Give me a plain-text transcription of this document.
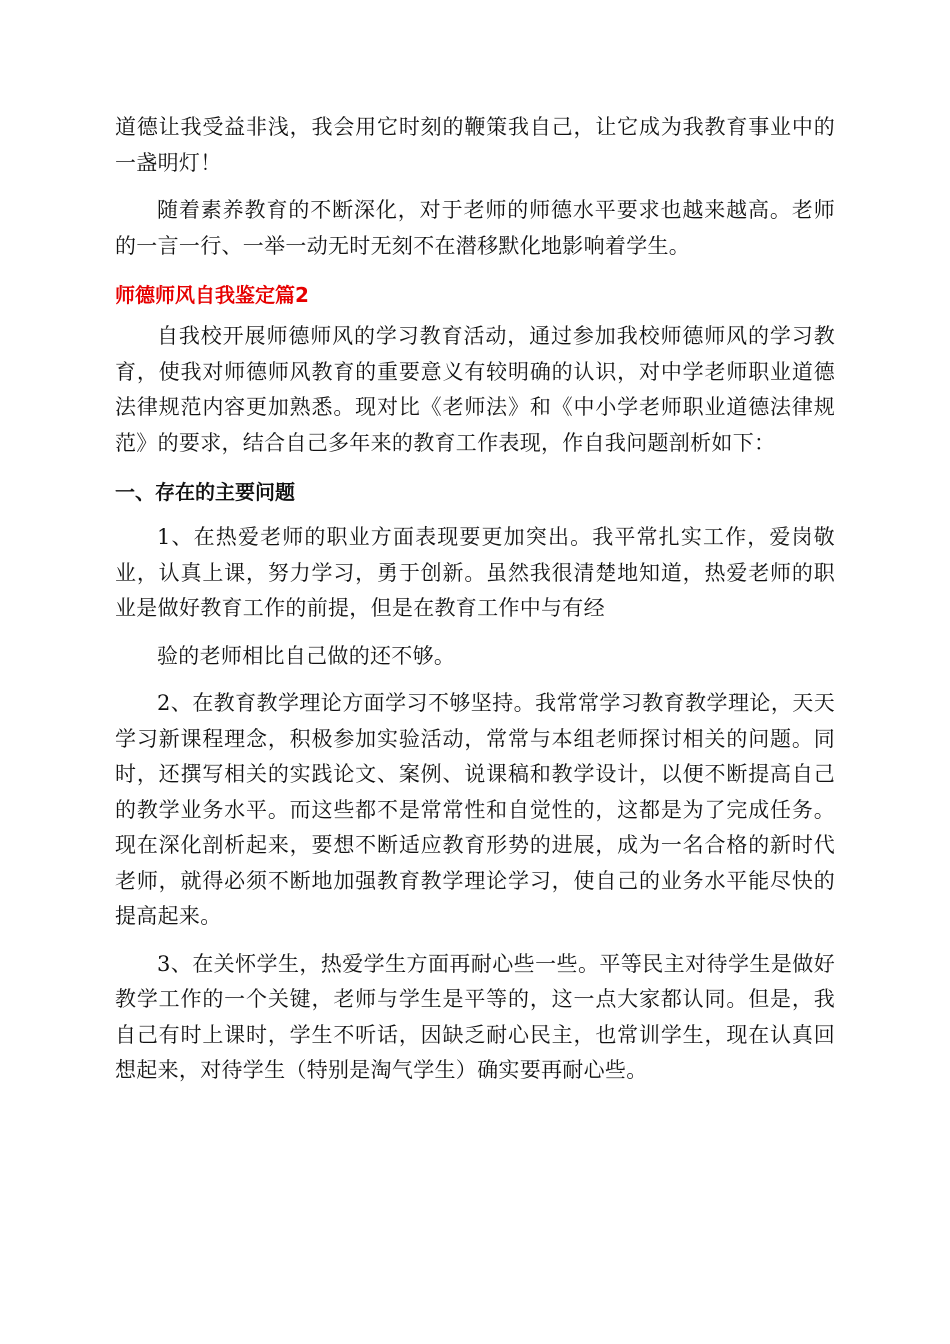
道德让我受益非浅，我会用它时刻的鞭策我自己，让它成为我教育事业中的一盏明灯！

随着素养教育的不断深化，对于老师的师德水平要求也越来越高。老师的一言一行、一举一动无时无刻不在潜移默化地影响着学生。

师德师风自我鉴定篇2

自我校开展师德师风的学习教育活动，通过参加我校师德师风的学习教育，使我对师德师风教育的重要意义有较明确的认识，对中学老师职业道德法律规范内容更加熟悉。现对比《老师法》和《中小学老师职业道德法律规范》的要求，结合自己多年来的教育工作表现，作自我问题剖析如下：

一、存在的主要问题

1、在热爱老师的职业方面表现要更加突出。我平常扎实工作，爱岗敬业，认真上课，努力学习，勇于创新。虽然我很清楚地知道，热爱老师的职业是做好教育工作的前提，但是在教育工作中与有经

验的老师相比自己做的还不够。

2、在教育教学理论方面学习不够坚持。我常常学习教育教学理论，天天学习新课程理念，积极参加实验活动，常常与本组老师探讨相关的问题。同时，还撰写相关的实践论文、案例、说课稿和教学设计，以便不断提高自己的教学业务水平。而这些都不是常常性和自觉性的，这都是为了完成任务。现在深化剖析起来，要想不断适应教育形势的进展，成为一名合格的新时代老师，就得必须不断地加强教育教学理论学习，使自己的业务水平能尽快的提高起来。

3、在关怀学生，热爱学生方面再耐心些一些。平等民主对待学生是做好教学工作的一个关键，老师与学生是平等的，这一点大家都认同。但是，我自己有时上课时，学生不听话，因缺乏耐心民主，也常训学生，现在认真回想起来，对待学生（特别是淘气学生）确实要再耐心些。
